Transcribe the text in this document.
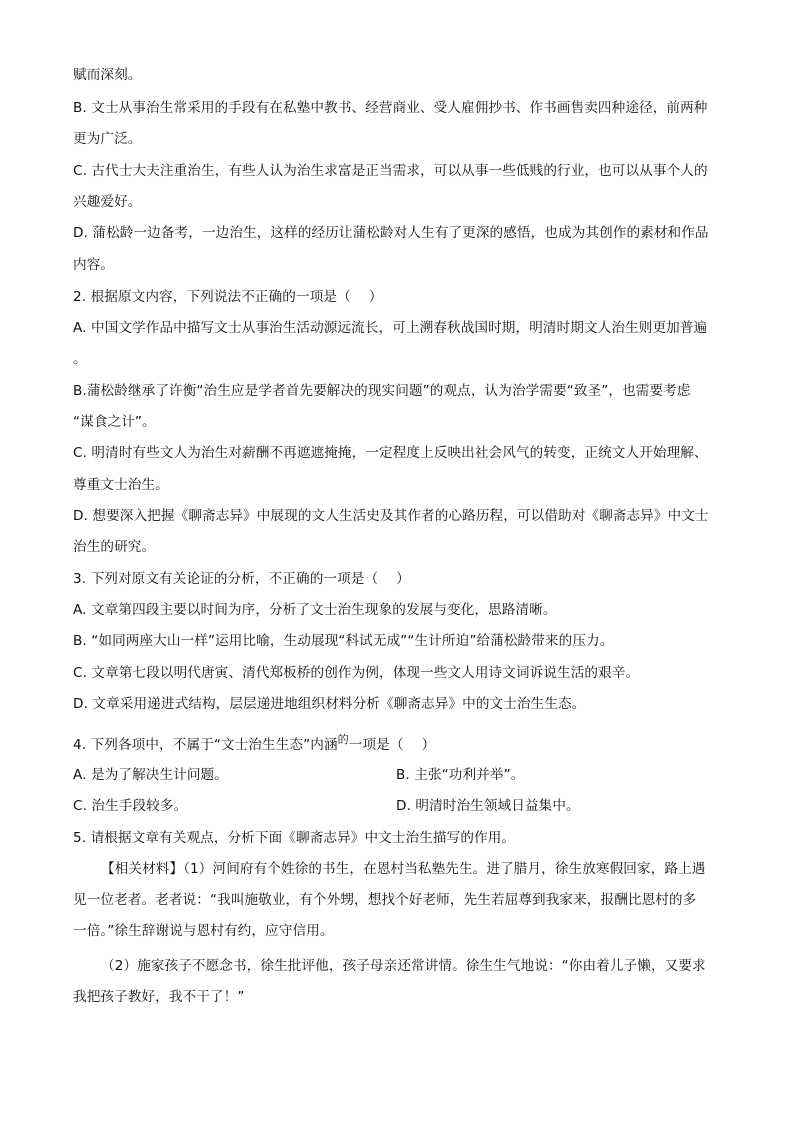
赋而深刻。
B. 文士从事治生常采用的手段有在私塾中教书、经营商业、受人雇佣抄书、作书画售卖四种途径，前两种
更为广泛。
C. 古代士大夫注重治生，有些人认为治生求富是正当需求，可以从事一些低贱的行业，也可以从事个人的
兴趣爱好。
D. 蒲松龄一边备考，一边治生，这样的经历让蒲松龄对人生有了更深的感悟，也成为其创作的素材和作品
内容。
2. 根据原文内容，下列说法不正确的一项是（　 ）
A. 中国文学作品中描写文士从事治生活动源远流长，可上溯春秋战国时期，明清时期文人治生则更加普遍
。
B.蒲松龄继承了许衡“治生应是学者首先要解决的现实问题”的观点，认为治学需要“致圣”，也需要考虑
“谋食之计”。
C. 明清时有些文人为治生对薪酬不再遮遮掩掩，一定程度上反映出社会风气的转变，正统文人开始理解、
尊重文士治生。
D. 想要深入把握《聊斋志异》中展现的文人生活史及其作者的心路历程，可以借助对《聊斋志异》中文士
治生的研究。
3. 下列对原文有关论证的分析，不正确的一项是（　 ）
A. 文章第四段主要以时间为序，分析了文士治生现象的发展与变化，思路清晰。
B. “如同两座大山一样”运用比喻，生动展现“科试无成”“生计所迫”给蒲松龄带来的压力。
C. 文章第七段以明代唐寅、清代郑板桥的创作为例，体现一些文人用诗文词诉说生活的艰辛。
D. 文章采用递进式结构，层层递进地组织材料分析《聊斋志异》中的文士治生生态。
4. 下列各项中，不属于“文士治生生态”内涵$^的$一项是（　 ）
A. 是为了解决生计问题。	B. 主张“功利并举”。
C. 治生手段较多。	D. 明清时治生领域日益集中。
5. 请根据文章有关观点，分析下面《聊斋志异》中文士治生描写的作用。
【相关材料】（1）河间府有个姓徐的书生，在恩村当私塾先生。进了腊月，徐生放寒假回家，路上遇
见一位老者。老者说：“我叫施敬业，有个外甥，想找个好老师，先生若屈尊到我家来，报酬比恩村的多
一倍。”徐生辞谢说与恩村有约，应守信用。
（2）施家孩子不愿念书，徐生批评他，孩子母亲还常讲情。徐生生气地说：“你由着儿子懒，又要求
我把孩子教好，我不干了！”
